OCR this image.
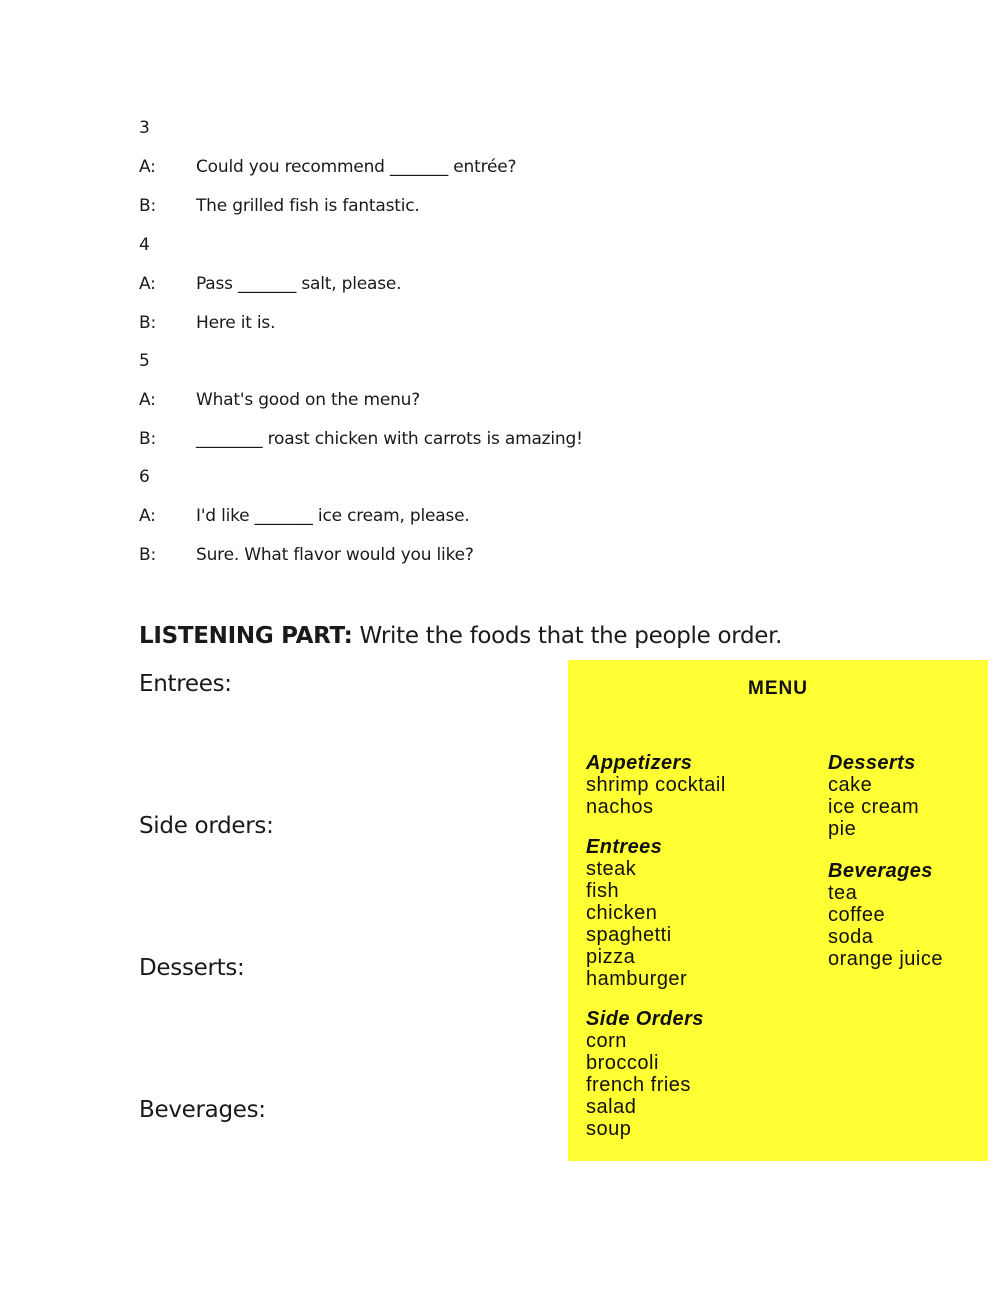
3
A: Could you recommend _______ entrée?
B: The grilled fish is fantastic.
4
A: Pass _______ salt, please.
B: Here it is.
5
A: What's good on the menu?
B: ________ roast chicken with carrots is amazing!
6
A: I'd like _______ ice cream, please.
B: Sure. What flavor would you like?
LISTENING PART: Write the foods that the people order.
Entrees:
Side orders:
Desserts:
Beverages:
MENU
Appetizers
shrimp cocktail
nachos
Entrees
steak
fish
chicken
spaghetti
pizza
hamburger
Side Orders
corn
broccoli
french fries
salad
soup
Desserts
cake
ice cream
pie
Beverages
tea
coffee
soda
orange juice
